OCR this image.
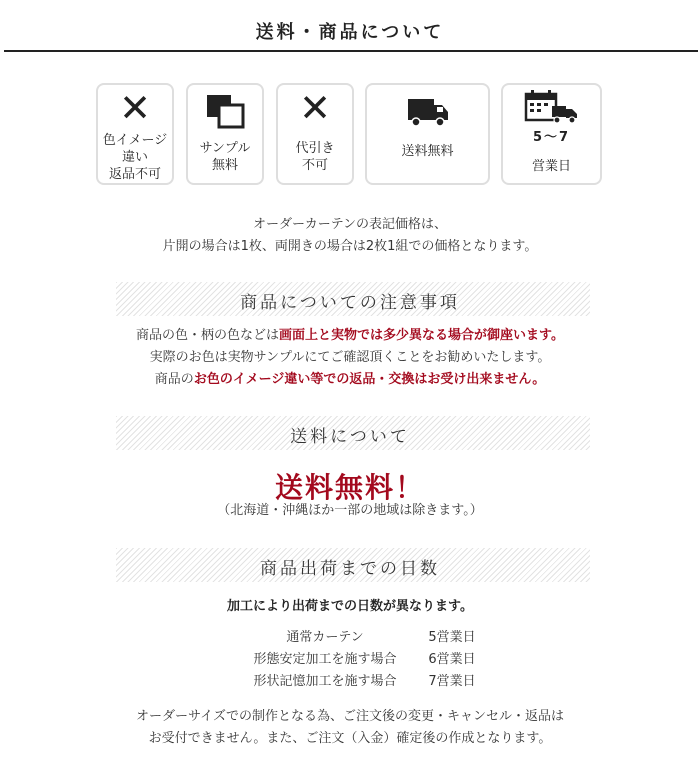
送料・商品について
✕
色イメージ
違い
返品不可
サンプル
無料
✕
代引き
不可
送料無料
5〜7
営業日
オーダーカーテンの表記価格は、
片開の場合は1枚、両開きの場合は2枚1組での価格となります。
商品についての注意事項
商品の色・柄の色などは画面上と実物では多少異なる場合が御座います。
実際のお色は実物サンプルにてご確認頂くことをお勧めいたします。
商品のお色のイメージ違い等での返品・交換はお受け出来ません。
送料について
送料無料！
（北海道・沖縄ほか一部の地域は除きます。）
商品出荷までの日数
加工により出荷までの日数が異なります。
通常カーテン	5営業日
形態安定加工を施す場合	6営業日
形状記憶加工を施す場合	7営業日
オーダーサイズでの制作となる為、ご注文後の変更・キャンセル・返品は
お受付できません。また、ご注文（入金）確定後の作成となります。
